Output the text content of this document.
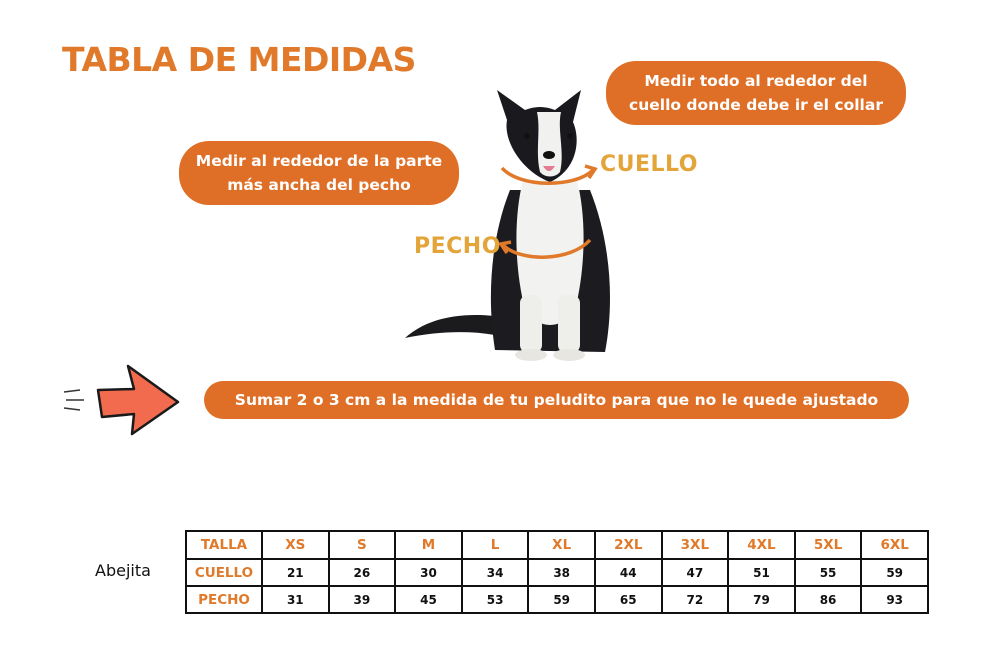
TABLA DE MEDIDAS
Medir todo al rededor del
cuello donde debe ir el collar
Medir al rededor de la parte
más ancha del pecho
CUELLO
PECHO
Sumar 2 o 3 cm a la medida de tu peludito para que no le quede ajustado
Abejita
TALLA	XS	S	M	L	XL	2XL	3XL	4XL	5XL	6XL
CUELLO	21	26	30	34	38	44	47	51	55	59
PECHO	31	39	45	53	59	65	72	79	86	93
